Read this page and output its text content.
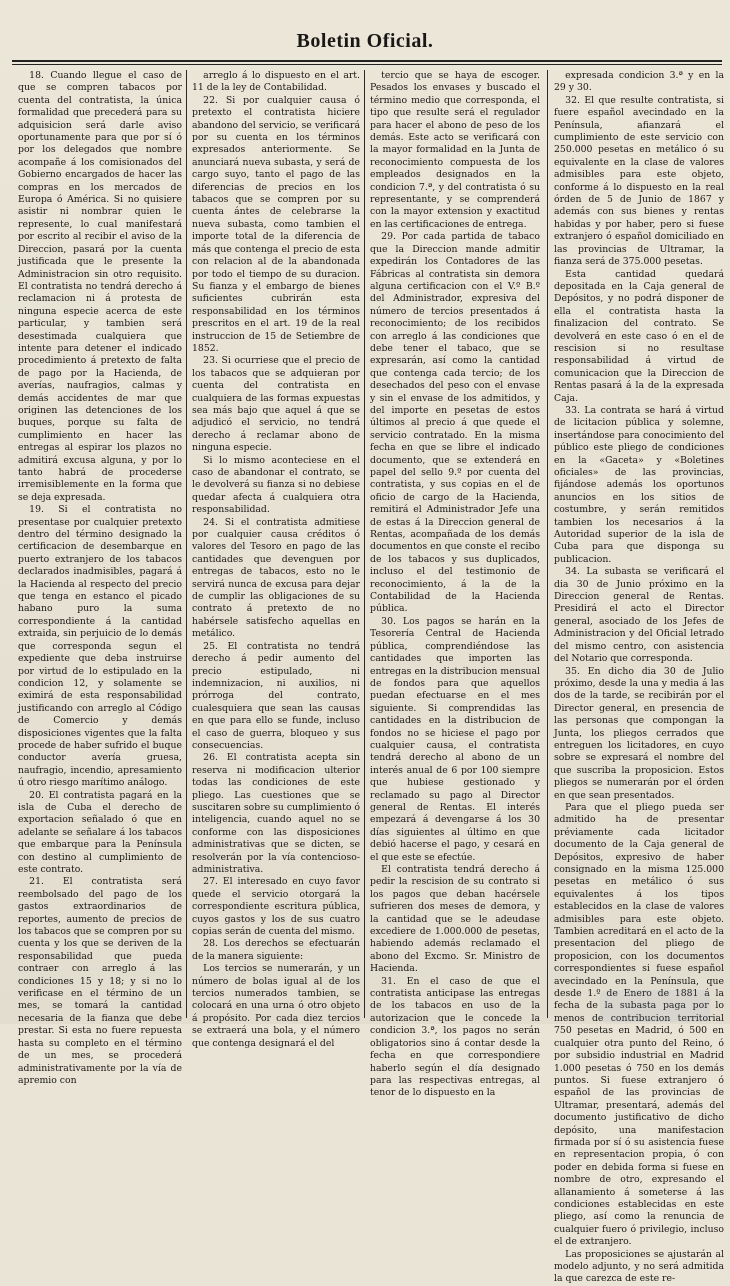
Boletin Oficial.

18. Cuando llegue el caso de que se compren tabacos por cuenta del contratista, la única formalidad que precederá para su adquisicion será darle aviso oportunamente para que por sí ó por los delegados que nombre acompañe á los comisionados del Gobierno encargados de hacer las compras en los mercados de Europa ó América. Si no quisiere asistir ni nombrar quien le represente, lo cual manifestará por escrito al recibir el aviso de la Direccion, pasará por la cuenta justificada que le presente la Administracion sin otro requisito. El contratista no tendrá derecho á reclamacion ni á protesta de ninguna especie acerca de este particular, y tambien será desestimada cualquiera que intente para detener el indicado procedimiento á pretexto de falta de pago por la Hacienda, de averías, naufragios, calmas y demás accidentes de mar que originen las detenciones de los buques, porque su falta de cumplimiento en hacer las entregas al espirar los plazos no admitirá excusa alguna, y por lo tanto habrá de procederse irremisiblemente en la forma que se deja expresada.

19. Si el contratista no presentase por cualquier pretexto dentro del término designado la certificacion de desembarque en puerto extranjero de los tabacos declarados inadmisibles, pagará á la Hacienda al respecto del precio que tenga en estanco el picado habano puro la suma correspondiente á la cantidad extraida, sin perjuicio de lo demás que corresponda segun el expediente que deba instruirse por virtud de lo estipulado en la condicion 12, y solamente se eximirá de esta responsabilidad justificando con arreglo al Código de Comercio y demás disposiciones vigentes que la falta procede de haber sufrido el buque conductor avería gruesa, naufragio, incendio, apresamiento ú otro riesgo marítimo análogo.

20. El contratista pagará en la isla de Cuba el derecho de exportacion señalado ó que en adelante se señalare á los tabacos que embarque para la Península con destino al cumplimiento de este contrato.

21. El contratista será reembolsado del pago de los gastos extraordinarios de reportes, aumento de precios de los tabacos que se compren por su cuenta y los que se deriven de la responsabilidad que pueda contraer con arreglo á las condiciones 15 y 18; y si no lo verificase en el término de un mes, se tomará la cantidad necesaria de la fianza que debe prestar. Si esta no fuere repuesta hasta su completo en el término de un mes, se procederá administrativamente por la vía de apremio con

arreglo á lo dispuesto en el art. 11 de la ley de Contabilidad.

22. Si por cualquier causa ó pretexto el contratista hiciere abandono del servicio, se verificará por su cuenta en los términos expresados anteriormente. Se anunciará nueva subasta, y será de cargo suyo, tanto el pago de las diferencias de precios en los tabacos que se compren por su cuenta ántes de celebrarse la nueva subasta, como tambien el importe total de la diferencia de más que contenga el precio de esta con relacion al de la abandonada por todo el tiempo de su duracion. Su fianza y el embargo de bienes suficientes cubrirán esta responsabilidad en los términos prescritos en el art. 19 de la real instruccion de 15 de Setiembre de 1852.

23. Si ocurriese que el precio de los tabacos que se adquieran por cuenta del contratista en cualquiera de las formas expuestas sea más bajo que aquel á que se adjudicó el servicio, no tendrá derecho á reclamar abono de ninguna especie.

Si lo mismo aconteciese en el caso de abandonar el contrato, se le devolverá su fianza si no debiese quedar afecta á cualquiera otra responsabilidad.

24. Si el contratista admitiese por cualquier causa créditos ó valores del Tesoro en pago de las cantidades que devenguen por entregas de tabacos, esto no le servirá nunca de excusa para dejar de cumplir las obligaciones de su contrato á pretexto de no habérsele satisfecho aquellas en metálico.

25. El contratista no tendrá derecho á pedir aumento del precio estipulado, ni indemnizacion, ni auxilios, ni prórroga del contrato, cualesquiera que sean las causas en que para ello se funde, incluso el caso de guerra, bloqueo y sus consecuencias.

26. El contratista acepta sin reserva ni modificacion ulterior todas las condiciones de este pliego. Las cuestiones que se suscitaren sobre su cumplimiento ó inteligencia, cuando aquel no se conforme con las disposiciones administrativas que se dicten, se resolverán por la vía contencioso-administrativa.

27. El interesado en cuyo favor quede el servicio otorgará la correspondiente escritura pública, cuyos gastos y los de sus cuatro copias serán de cuenta del mismo.

28. Los derechos se efectuarán de la manera siguiente:

Los tercios se numerarán, y un número de bolas igual al de los tercios numerados tambien, se colocará en una urna ó otro objeto á propósito. Por cada diez tercios se extraerá una bola, y el número que contenga designará el del

tercio que se haya de escoger. Pesados los envases y buscado el término medio que corresponda, el tipo que resulte será el regulador para hacer el abono de peso de los demás. Este acto se verificará con la mayor formalidad en la Junta de reconocimiento compuesta de los empleados designados en la condicion 7.ª, y del contratista ó su representante, y se comprenderá con la mayor extension y exactitud en las certificaciones de entrega.

29. Por cada partida de tabaco que la Direccion mande admitir expedirán los Contadores de las Fábricas al contratista sin demora alguna certificacion con el V.º B.º del Administrador, expresiva del número de tercios presentados á reconocimiento; de los recibidos con arreglo á las condiciones que debe tener el tabaco, que se expresarán, así como la cantidad que contenga cada tercio; de los desechados del peso con el envase y sin el envase de los admitidos, y del importe en pesetas de estos últimos al precio á que quede el servicio contratado. En la misma fecha en que se libre el indicado documento, que se extenderá en papel del sello 9.º por cuenta del contratista, y sus copias en el de oficio de cargo de la Hacienda, remitirá el Administrador Jefe una de estas á la Direccion general de Rentas, acompañada de los demás documentos en que conste el recibo de los tabacos y sus duplicados, incluso el del testimonio de reconocimiento, á la de la Contabilidad de la Hacienda pública.

30. Los pagos se harán en la Tesorería Central de Hacienda pública, comprendiéndose las cantidades que importen las entregas en la distribucion mensual de fondos para que aquellos puedan efectuarse en el mes siguiente. Si comprendidas las cantidades en la distribucion de fondos no se hiciese el pago por cualquier causa, el contratista tendrá derecho al abono de un interés anual de 6 por 100 siempre que hubiese gestionado y reclamado su pago al Director general de Rentas. El interés empezará á devengarse á los 30 días siguientes al último en que debió hacerse el pago, y cesará en el que este se efectúe.

El contratista tendrá derecho á pedir la rescision de su contrato si los pagos que deban hacérsele sufrieren dos meses de demora, y la cantidad que se le adeudase excediere de 1.000.000 de pesetas, habiendo además reclamado el abono del Excmo. Sr. Ministro de Hacienda.

31. En el caso de que el contratista anticipase las entregas de los tabacos en uso de la autorizacion que le concede la condicion 3.ª, los pagos no serán obligatorios sino á contar desde la fecha en que correspondiere haberlo según el día designado para las respectivas entregas, al tenor de lo dispuesto en la

expresada condicion 3.ª y en la 29 y 30.

32. El que resulte contratista, si fuere español avecindado en la Península, afianzará el cumplimiento de este servicio con 250.000 pesetas en metálico ó su equivalente en la clase de valores admisibles para este objeto, conforme á lo dispuesto en la real órden de 5 de Junio de 1867 y además con sus bienes y rentas habidas y por haber, pero si fuese extranjero ó español domiciliado en las provincias de Ultramar, la fianza será de 375.000 pesetas.

Esta cantidad quedará depositada en la Caja general de Depósitos, y no podrá disponer de ella el contratista hasta la finalizacion del contrato. Se devolverá en este caso ó en el de rescision si no resultase responsabilidad á virtud de comunicacion que la Direccion de Rentas pasará á la de la expresada Caja.

33. La contrata se hará á virtud de licitacion pública y solemne, insertándose para conocimiento del público este pliego de condiciones en la «Gaceta» y «Boletines oficiales» de las provincias, fijándose además los oportunos anuncios en los sitios de costumbre, y serán remitidos tambien los necesarios á la Autoridad superior de la isla de Cuba para que disponga su publicacion.

34. La subasta se verificará el dia 30 de Junio próximo en la Direccion general de Rentas. Presidirá el acto el Director general, asociado de los Jefes de Administracion y del Oficial letrado del mismo centro, con asistencia del Notario que corresponda.

35. En dicho dia 30 de Julio próximo, desde la una y media á las dos de la tarde, se recibirán por el Director general, en presencia de las personas que compongan la Junta, los pliegos cerrados que entreguen los licitadores, en cuyo sobre se expresará el nombre del que suscriba la proposicion. Estos pliegos se numerarán por el órden en que sean presentados.

Para que el pliego pueda ser admitido ha de presentar préviamente cada licitador documento de la Caja general de Depósitos, expresivo de haber consignado en la misma 125.000 pesetas en metálico ó sus equivalentes á los tipos establecidos en la clase de valores admisibles para este objeto. Tambien acreditará en el acto de la presentacion del pliego de proposicion, con los documentos correspondientes si fuese español avecindado en la Península, que desde 1.º de Enero de 1881 á la fecha de la subasta paga por lo menos de contribucion territorial 750 pesetas en Madrid, ó 500 en cualquier otra punto del Reino, ó por subsidio industrial en Madrid 1.000 pesetas ó 750 en los demás puntos. Si fuese extranjero ó español de las provincias de Ultramar, presentará, además del documento justificativo de dicho depósito, una manifestacion firmada por sí ó su asistencia fuese en representacion propia, ó con poder en debida forma si fuese en nombre de otro, expresando el allanamiento á someterse á las condiciones establecidas en este pliego, así como la renuncia de cualquier fuero ó privilegio, incluso el de extranjero.

Las proposiciones se ajustarán al modelo adjunto, y no será admitida la que carezca de este re-
